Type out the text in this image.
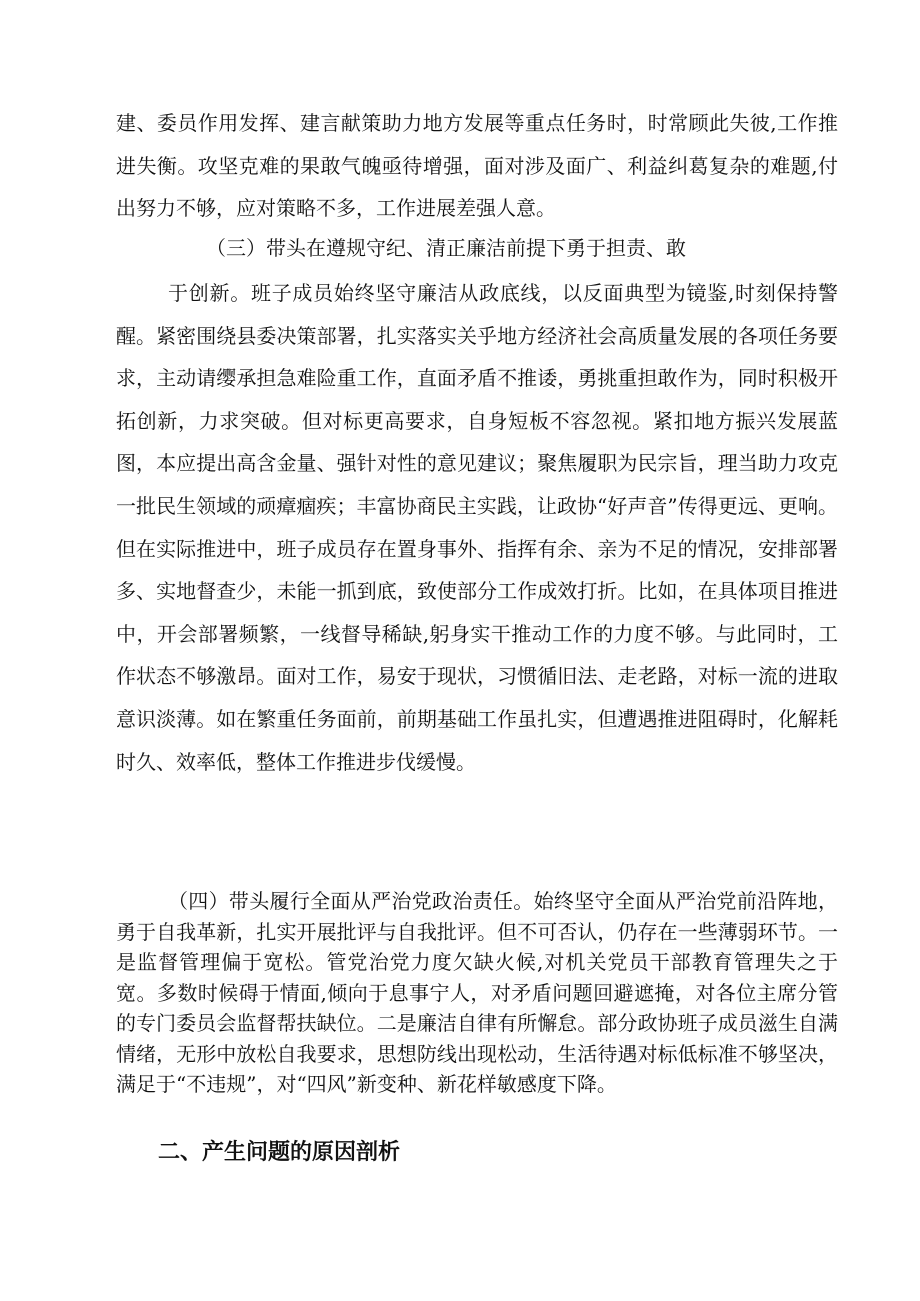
建、委员作用发挥、建言献策助力地方发展等重点任务时，时常顾此失彼,工作推进失衡。攻坚克难的果敢气魄亟待增强，面对涉及面广、利益纠葛复杂的难题,付出努力不够，应对策略不多，工作进展差强人意。

（三）带头在遵规守纪、清正廉洁前提下勇于担责、敢

于创新。班子成员始终坚守廉洁从政底线，以反面典型为镜鉴,时刻保持警醒。紧密围绕县委决策部署，扎实落实关乎地方经济社会高质量发展的各项任务要求，主动请缨承担急难险重工作，直面矛盾不推诿，勇挑重担敢作为，同时积极开拓创新，力求突破。但对标更高要求，自身短板不容忽视。紧扣地方振兴发展蓝图，本应提出高含金量、强针对性的意见建议；聚焦履职为民宗旨，理当助力攻克一批民生领域的顽瘴痼疾；丰富协商民主实践，让政协“好声音”传得更远、更响。但在实际推进中，班子成员存在置身事外、指挥有余、亲为不足的情况，安排部署多、实地督查少，未能一抓到底，致使部分工作成效打折。比如，在具体项目推进中，开会部署频繁，一线督导稀缺,躬身实干推动工作的力度不够。与此同时，工作状态不够激昂。面对工作，易安于现状，习惯循旧法、走老路，对标一流的进取意识淡薄。如在繁重任务面前，前期基础工作虽扎实，但遭遇推进阻碍时，化解耗时久、效率低，整体工作推进步伐缓慢。

（四）带头履行全面从严治党政治责任。始终坚守全面从严治党前沿阵地，勇于自我革新，扎实开展批评与自我批评。但不可否认，仍存在一些薄弱环节。一是监督管理偏于宽松。管党治党力度欠缺火候,对机关党员干部教育管理失之于宽。多数时候碍于情面,倾向于息事宁人，对矛盾问题回避遮掩，对各位主席分管的专门委员会监督帮扶缺位。二是廉洁自律有所懈怠。部分政协班子成员滋生自满情绪，无形中放松自我要求，思想防线出现松动，生活待遇对标低标准不够坚决，满足于“不违规”，对“四风”新变种、新花样敏感度下降。

二、产生问题的原因剖析
